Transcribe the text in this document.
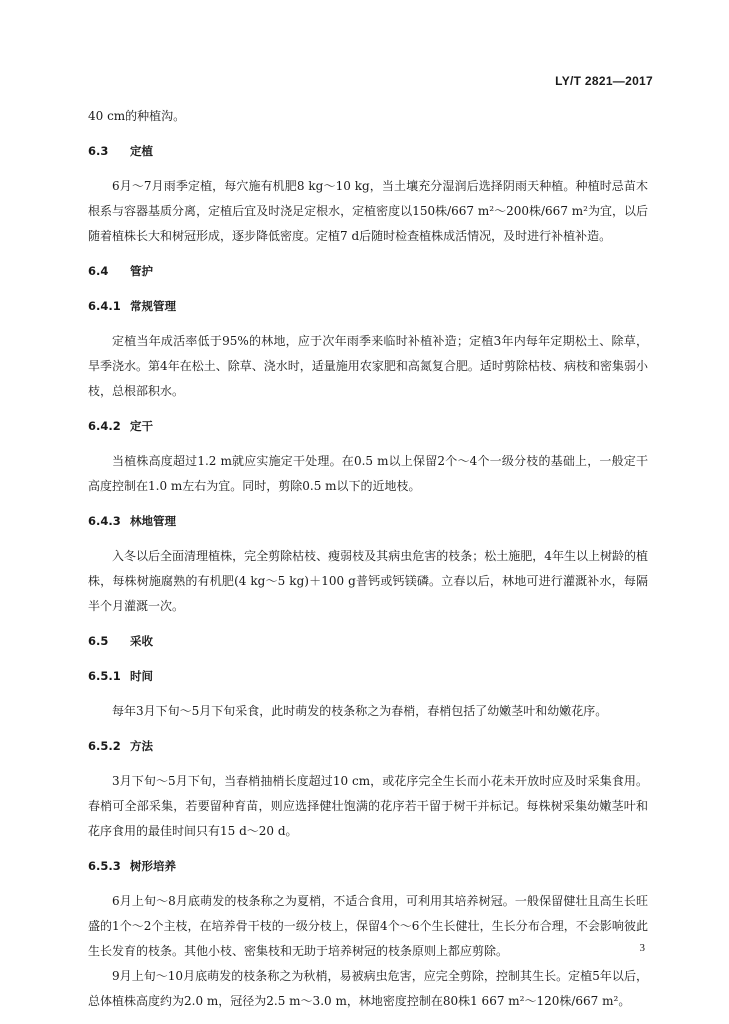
LY/T 2821—2017

40 cm的种植沟。

6.3 定植

6月～7月雨季定植，每穴施有机肥8 kg～10 kg，当土壤充分湿润后选择阴雨天种植。种植时忌苗木根系与容器基质分离，定植后宜及时浇足定根水，定植密度以150株/667 m²～200株/667 m²为宜，以后随着植株长大和树冠形成，逐步降低密度。定植7 d后随时检查植株成活情况，及时进行补植补造。

6.4 管护

6.4.1 常规管理

定植当年成活率低于95%的林地，应于次年雨季来临时补植补造；定植3年内每年定期松土、除草，旱季浇水。第4年在松土、除草、浇水时，适量施用农家肥和高氮复合肥。适时剪除枯枝、病枝和密集弱小枝，总根部积水。

6.4.2 定干

当植株高度超过1.2 m就应实施定干处理。在0.5 m以上保留2个～4个一级分枝的基础上，一般定干高度控制在1.0 m左右为宜。同时，剪除0.5 m以下的近地枝。

6.4.3 林地管理

入冬以后全面清理植株，完全剪除枯枝、瘦弱枝及其病虫危害的枝条；松土施肥，4年生以上树龄的植株，每株树施腐熟的有机肥(4 kg～5 kg)＋100 g普钙或钙镁磷。立春以后，林地可进行灌溉补水，每隔半个月灌溉一次。

6.5 采收

6.5.1 时间

每年3月下旬～5月下旬采食，此时萌发的枝条称之为春梢，春梢包括了幼嫩茎叶和幼嫩花序。

6.5.2 方法

3月下旬～5月下旬，当春梢抽梢长度超过10 cm，或花序完全生长而小花未开放时应及时采集食用。春梢可全部采集，若要留种育苗，则应选择健壮饱满的花序若干留于树干并标记。每株树采集幼嫩茎叶和花序食用的最佳时间只有15 d～20 d。

6.5.3 树形培养

6月上旬～8月底萌发的枝条称之为夏梢，不适合食用，可利用其培养树冠。一般保留健壮且高生长旺盛的1个～2个主枝，在培养骨干枝的一级分枝上，保留4个～6个生长健壮，生长分布合理，不会影响彼此生长发育的枝条。其他小枝、密集枝和无助于培养树冠的枝条原则上都应剪除。

9月上旬～10月底萌发的枝条称之为秋梢，易被病虫危害，应完全剪除，控制其生长。定植5年以后，总体植株高度约为2.0 m，冠径为2.5 m～3.0 m，林地密度控制在80株1 667 m²～120株/667 m²。

3
